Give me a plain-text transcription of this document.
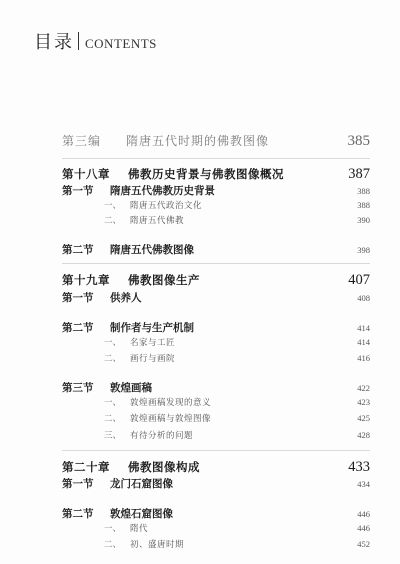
目录 CONTENTS
第三编	隋唐五代时期的佛教图像	385
第十八章	佛教历史背景与佛教图像概况	387
第一节	隋唐五代佛教历史背景	388
一、	隋唐五代政治文化	388
二、	隋唐五代佛教	390
第二节	隋唐五代佛教图像	398
第十九章	佛教图像生产	407
第一节	供养人	408
第二节	制作者与生产机制	414
一、	名家与工匠	414
二、	画行与画院	416
第三节	敦煌画稿	422
一、	敦煌画稿发现的意义	423
二、	敦煌画稿与敦煌图像	425
三、	有待分析的问题	428
第二十章	佛教图像构成	433
第一节	龙门石窟图像	434
第二节	敦煌石窟图像	446
一、	隋代	446
二、	初、盛唐时期	452
